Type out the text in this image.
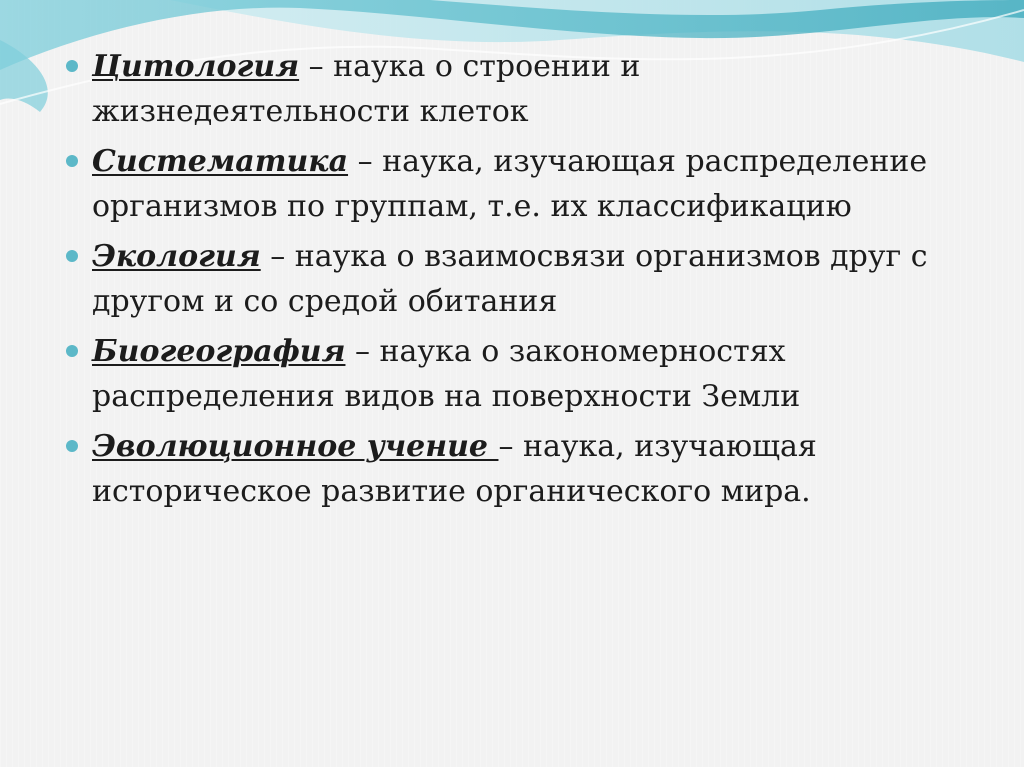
Цитология – наука о строении и жизнедеятельности клеток
Систематика – наука, изучающая распределение организмов по группам, т.е. их классификацию
Экология – наука о взаимосвязи организмов друг с другом и со средой обитания
Биогеография – наука о закономерностях распределения видов на поверхности Земли
Эволюционное учение – наука, изучающая историческое развитие органического мира.
